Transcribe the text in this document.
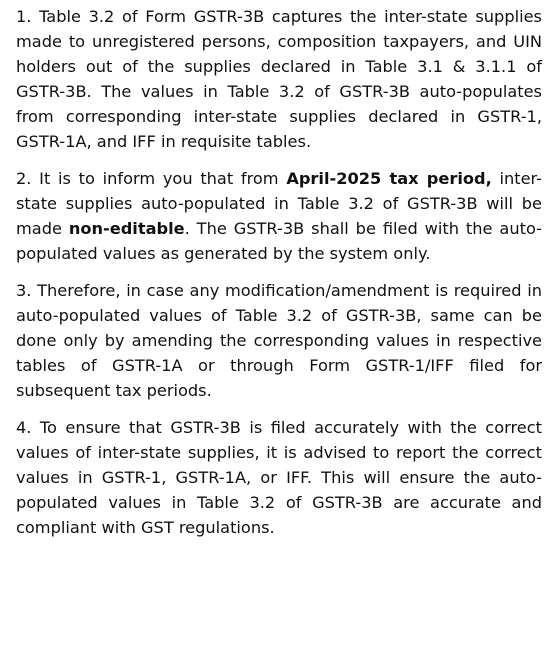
1. Table 3.2 of Form GSTR-3B captures the inter-state supplies made to unregistered persons, composition taxpayers, and UIN holders out of the supplies declared in Table 3.1 & 3.1.1 of GSTR-3B. The values in Table 3.2 of GSTR-3B auto-populates from corresponding inter-state supplies declared in GSTR-1, GSTR-1A, and IFF in requisite tables.

2. It is to inform you that from April-2025 tax period, inter-state supplies auto-populated in Table 3.2 of GSTR-3B will be made non-editable. The GSTR-3B shall be filed with the auto-populated values as generated by the system only.

3. Therefore, in case any modification/amendment is required in auto-populated values of Table 3.2 of GSTR-3B, same can be done only by amending the corresponding values in respective tables of GSTR-1A or through Form GSTR-1/IFF filed for subsequent tax periods.

4. To ensure that GSTR-3B is filed accurately with the correct values of inter-state supplies, it is advised to report the correct values in GSTR-1, GSTR-1A, or IFF. This will ensure the auto-populated values in Table 3.2 of GSTR-3B are accurate and compliant with GST regulations.
